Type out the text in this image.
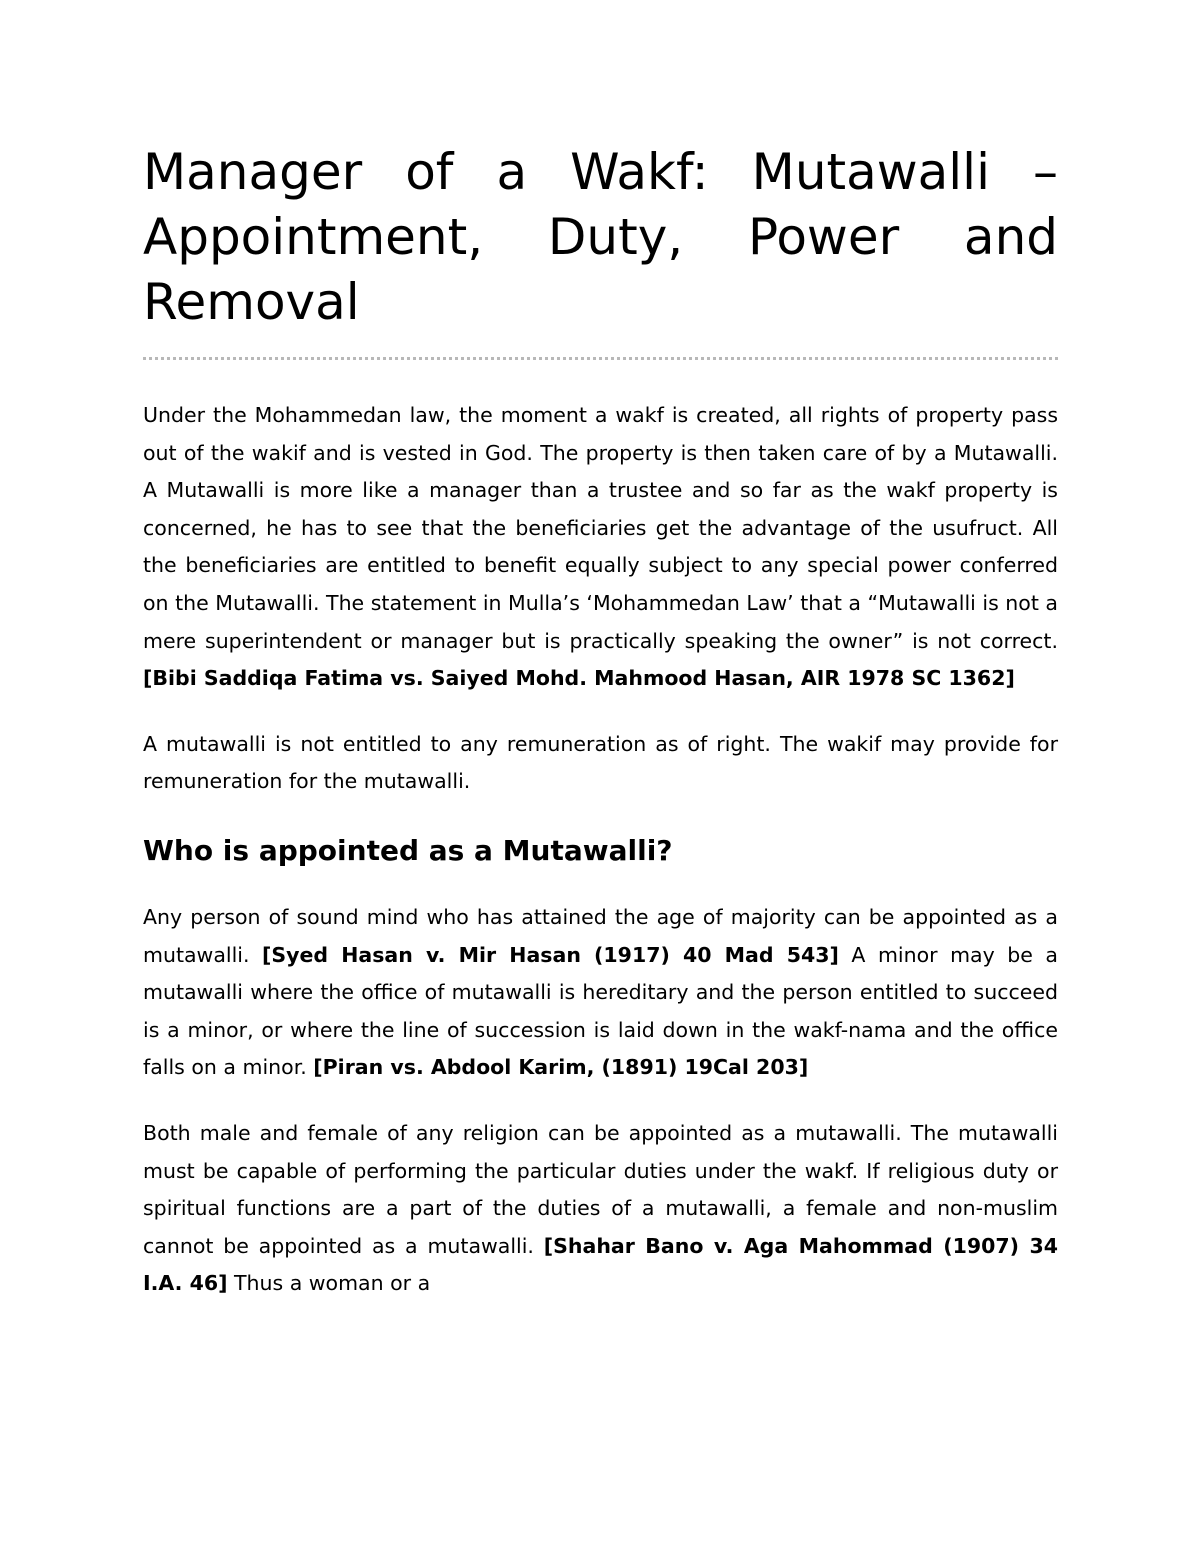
Manager of a Wakf: Mutawalli – Appointment, Duty, Power and Removal

Under the Mohammedan law, the moment a wakf is created, all rights of property pass out of the wakif and is vested in God. The property is then taken care of by a Mutawalli. A Mutawalli is more like a manager than a trustee and so far as the wakf property is concerned, he has to see that the beneficiaries get the advantage of the usufruct. All the beneficiaries are entitled to benefit equally subject to any special power conferred on the Mutawalli. The statement in Mulla’s ‘Mohammedan Law’ that a “Mutawalli is not a mere superintendent or manager but is practically speaking the owner” is not correct. [Bibi Saddiqa Fatima vs. Saiyed Mohd. Mahmood Hasan, AIR 1978 SC 1362]

A mutawalli is not entitled to any remuneration as of right. The wakif may provide for remuneration for the mutawalli.

Who is appointed as a Mutawalli?

Any person of sound mind who has attained the age of majority can be appointed as a mutawalli. [Syed Hasan v. Mir Hasan (1917) 40 Mad 543] A minor may be a mutawalli where the office of mutawalli is hereditary and the person entitled to succeed is a minor, or where the line of succession is laid down in the wakf-nama and the office falls on a minor. [Piran vs. Abdool Karim, (1891) 19Cal 203]

Both male and female of any religion can be appointed as a mutawalli. The mutawalli must be capable of performing the particular duties under the wakf. If religious duty or spiritual functions are a part of the duties of a mutawalli, a female and non-muslim cannot be appointed as a mutawalli. [Shahar Bano v. Aga Mahommad (1907) 34 I.A. 46] Thus a woman or a
